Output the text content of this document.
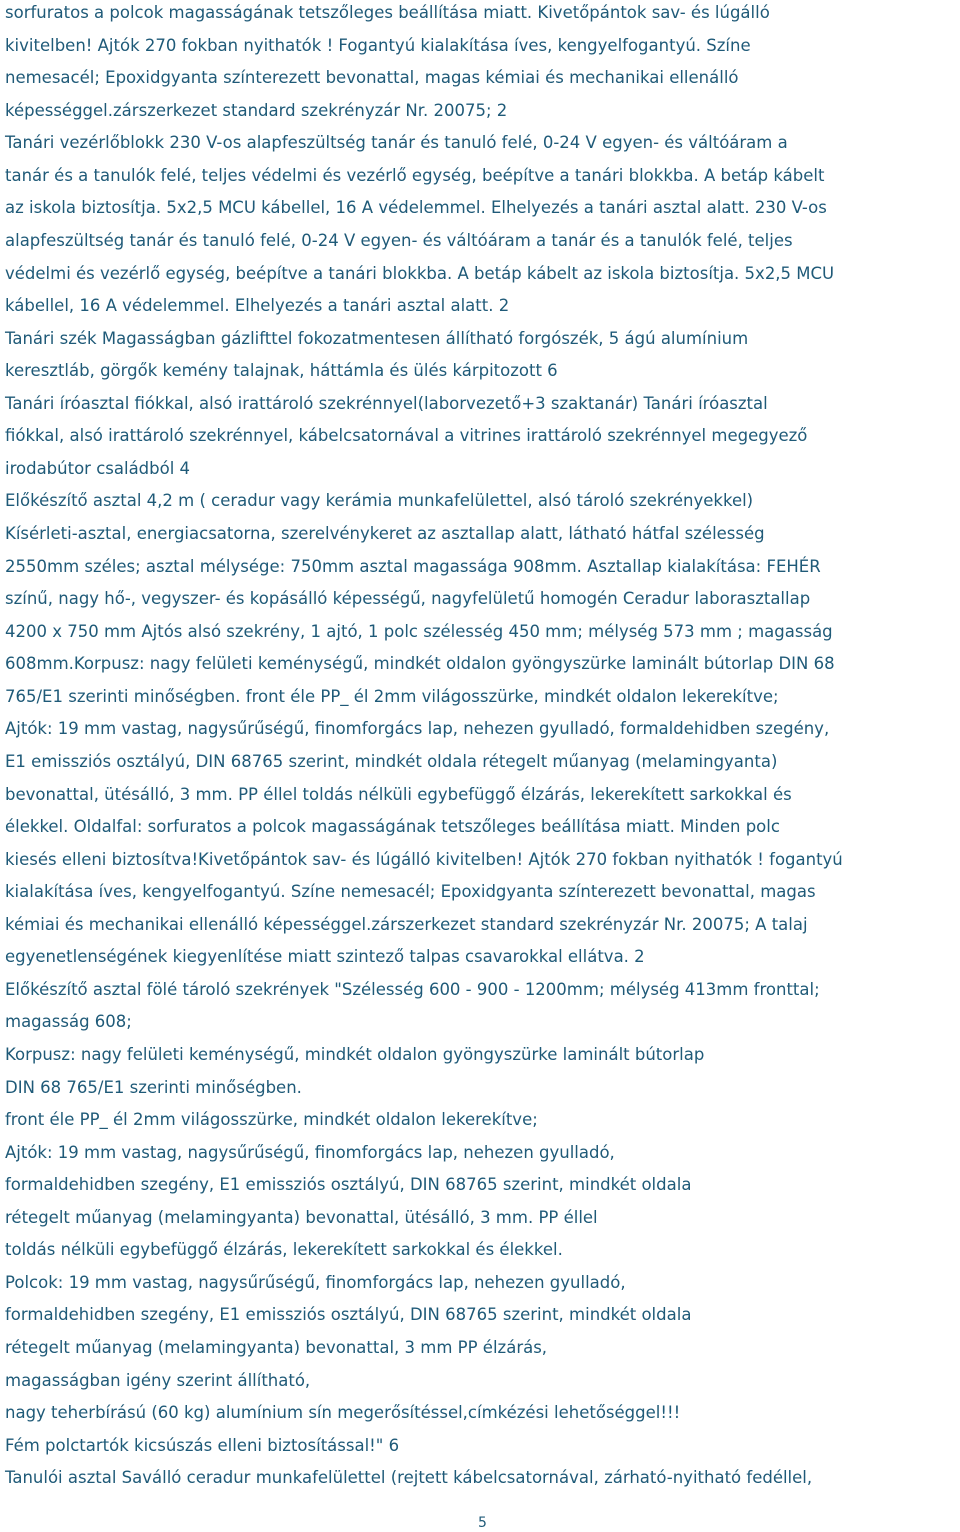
sorfuratos a polcok magasságának tetszőleges beállítása miatt. Kivetőpántok sav- és lúgálló
kivitelben! Ajtók 270 fokban nyithatók ! Fogantyú kialakítása íves, kengyelfogantyú. Színe
nemesacél; Epoxidgyanta színterezett bevonattal, magas kémiai és mechanikai ellenálló
képességgel.zárszerkezet standard szekrényzár Nr. 20075; 2
Tanári vezérlőblokk 230 V-os alapfeszültség tanár és tanuló felé, 0-24 V egyen- és váltóáram a
tanár és a tanulók felé, teljes védelmi és vezérlő egység, beépítve a tanári blokkba. A betáp kábelt
az iskola biztosítja. 5x2,5 MCU kábellel, 16 A védelemmel. Elhelyezés a tanári asztal alatt. 230 V-os
alapfeszültség tanár és tanuló felé, 0-24 V egyen- és váltóáram a tanár és a tanulók felé, teljes
védelmi és vezérlő egység, beépítve a tanári blokkba. A betáp kábelt az iskola biztosítja. 5x2,5 MCU
kábellel, 16 A védelemmel. Elhelyezés a tanári asztal alatt. 2
Tanári szék Magasságban gázlifttel fokozatmentesen állítható forgószék, 5 ágú alumínium
keresztláb, görgők kemény talajnak, háttámla és ülés kárpitozott 6
Tanári íróasztal fiókkal, alsó irattároló szekrénnyel(laborvezető+3 szaktanár) Tanári íróasztal
fiókkal, alsó irattároló szekrénnyel, kábelcsatornával a vitrines irattároló szekrénnyel megegyező
irodabútor családból 4
Előkészítő asztal 4,2 m ( ceradur vagy kerámia munkafelülettel, alsó tároló szekrényekkel)
Kísérleti-asztal, energiacsatorna, szerelvénykeret az asztallap alatt, látható hátfal szélesség
2550mm széles; asztal mélysége: 750mm asztal magassága 908mm. Asztallap kialakítása: FEHÉR
színű, nagy hő-, vegyszer- és kopásálló képességű, nagyfelületű homogén Ceradur laborasztallap
4200 x 750 mm Ajtós alsó szekrény, 1 ajtó, 1 polc szélesség 450 mm; mélység 573 mm ; magasság
608mm.Korpusz: nagy felületi keménységű, mindkét oldalon gyöngyszürke laminált bútorlap DIN 68
765/E1 szerinti minőségben. front éle PP_ él 2mm világosszürke, mindkét oldalon lekerekítve;
Ajtók: 19 mm vastag, nagysűrűségű, finomforgács lap, nehezen gyulladó, formaldehidben szegény,
E1 emissziós osztályú, DIN 68765 szerint, mindkét oldala rétegelt műanyag (melamingyanta)
bevonattal, ütésálló, 3 mm. PP éllel toldás nélküli egybefüggő élzárás, lekerekített sarkokkal és
élekkel. Oldalfal: sorfuratos a polcok magasságának tetszőleges beállítása miatt. Minden polc
kiesés elleni biztosítva!Kivetőpántok sav- és lúgálló kivitelben! Ajtók 270 fokban nyithatók ! fogantyú
kialakítása íves, kengyelfogantyú. Színe nemesacél; Epoxidgyanta színterezett bevonattal, magas
kémiai és mechanikai ellenálló képességgel.zárszerkezet standard szekrényzár Nr. 20075; A talaj
egyenetlenségének kiegyenlítése miatt szintező talpas csavarokkal ellátva. 2
Előkészítő asztal fölé tároló szekrények "Szélesség 600 - 900 - 1200mm; mélység 413mm fronttal;
magasság 608;
Korpusz: nagy felületi keménységű, mindkét oldalon gyöngyszürke laminált bútorlap
DIN 68 765/E1 szerinti minőségben.
front éle PP_ él 2mm világosszürke, mindkét oldalon lekerekítve;
Ajtók: 19 mm vastag, nagysűrűségű, finomforgács lap, nehezen gyulladó,
formaldehidben szegény, E1 emissziós osztályú, DIN 68765 szerint, mindkét oldala
rétegelt műanyag (melamingyanta) bevonattal, ütésálló, 3 mm. PP éllel
toldás nélküli egybefüggő élzárás, lekerekített sarkokkal és élekkel.
Polcok: 19 mm vastag, nagysűrűségű, finomforgács lap, nehezen gyulladó,
formaldehidben szegény, E1 emissziós osztályú, DIN 68765 szerint, mindkét oldala
rétegelt műanyag (melamingyanta) bevonattal, 3 mm PP élzárás,
magasságban igény szerint állítható,
nagy teherbírású (60 kg) alumínium sín megerősítéssel,címkézési lehetőséggel!!!
Fém polctartók kicsúszás elleni biztosítással!" 6
Tanulói asztal Saválló ceradur munkafelülettel (rejtett kábelcsatornával, zárható-nyitható fedéllel,
5
